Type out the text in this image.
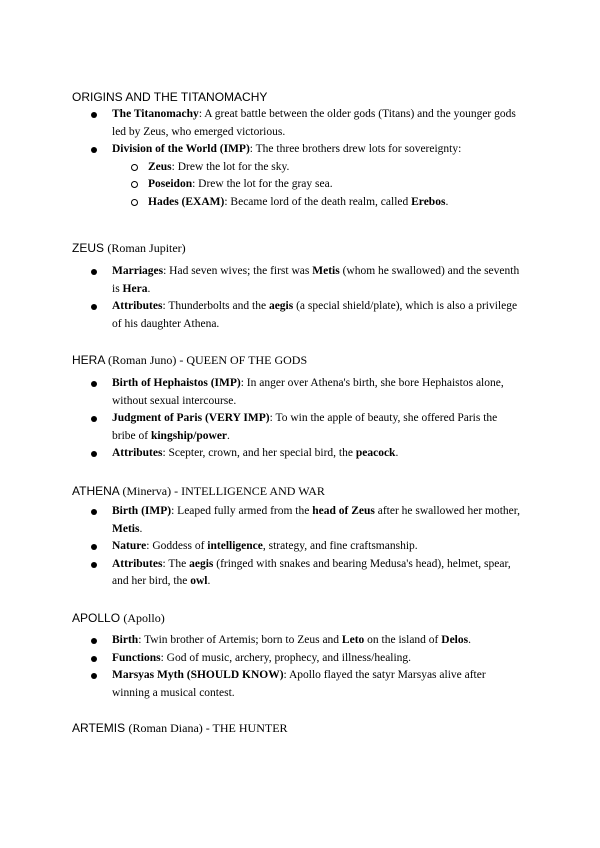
ORIGINS AND THE TITANOMACHY
The Titanomachy: A great battle between the older gods (Titans) and the younger gods led by Zeus, who emerged victorious.
Division of the World (IMP): The three brothers drew lots for sovereignty:
Zeus: Drew the lot for the sky.
Poseidon: Drew the lot for the gray sea.
Hades (EXAM): Became lord of the death realm, called Erebos.
ZEUS (Roman Jupiter)
Marriages: Had seven wives; the first was Metis (whom he swallowed) and the seventh is Hera.
Attributes: Thunderbolts and the aegis (a special shield/plate), which is also a privilege of his daughter Athena.
HERA (Roman Juno) - QUEEN OF THE GODS
Birth of Hephaistos (IMP): In anger over Athena's birth, she bore Hephaistos alone, without sexual intercourse.
Judgment of Paris (VERY IMP): To win the apple of beauty, she offered Paris the bribe of kingship/power.
Attributes: Scepter, crown, and her special bird, the peacock.
ATHENA (Minerva) - INTELLIGENCE AND WAR
Birth (IMP): Leaped fully armed from the head of Zeus after he swallowed her mother, Metis.
Nature: Goddess of intelligence, strategy, and fine craftsmanship.
Attributes: The aegis (fringed with snakes and bearing Medusa's head), helmet, spear, and her bird, the owl.
APOLLO (Apollo)
Birth: Twin brother of Artemis; born to Zeus and Leto on the island of Delos.
Functions: God of music, archery, prophecy, and illness/healing.
Marsyas Myth (SHOULD KNOW): Apollo flayed the satyr Marsyas alive after winning a musical contest.
ARTEMIS (Roman Diana) - THE HUNTER
